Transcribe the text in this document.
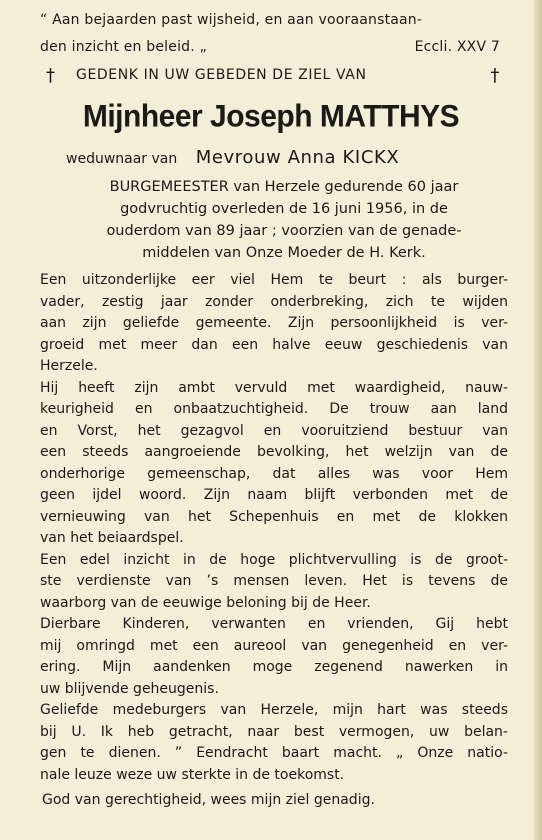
“ Aan bejaarden past wijsheid, en aan vooraanstaan-
den inzicht en beleid. „	Eccli. XXV 7
† GEDENK IN UW GEBEDEN DE ZIEL VAN	†
Mijnheer Joseph MATTHYS
weduwnaar van Mevrouw Anna KICKX
BURGEMEESTER van Herzele gedurende 60 jaar
godvruchtig overleden de 16 juni 1956, in de
ouderdom van 89 jaar ; voorzien van de genade-
middelen van Onze Moeder de H. Kerk.
Een uitzonderlijke eer viel Hem te beurt : als burger-
vader, zestig jaar zonder onderbreking, zich te wijden
aan zijn geliefde gemeente. Zijn persoonlijkheid is ver-
groeid met meer dan een halve eeuw geschiedenis van
Herzele.
Hij heeft zijn ambt vervuld met waardigheid, nauw-
keurigheid en onbaatzuchtigheid. De trouw aan land
en Vorst, het gezagvol en vooruitziend bestuur van
een steeds aangroeiende bevolking, het welzijn van de
onderhorige gemeenschap, dat alles was voor Hem
geen ijdel woord. Zijn naam blijft verbonden met de
vernieuwing van het Schepenhuis en met de klokken
van het beiaardspel.
Een edel inzicht in de hoge plichtvervulling is de groot-
ste verdienste van ’s mensen leven. Het is tevens de
waarborg van de eeuwige beloning bij de Heer.
Dierbare Kinderen, verwanten en vrienden, Gij hebt
mij omringd met een aureool van genegenheid en ver-
ering. Mijn aandenken moge zegenend nawerken in
uw blijvende geheugenis.
Geliefde medeburgers van Herzele, mijn hart was steeds
bij U. Ik heb getracht, naar best vermogen, uw belan-
gen te dienen. ” Eendracht baart macht. „ Onze natio-
nale leuze weze uw sterkte in de toekomst.
God van gerechtigheid, wees mijn ziel genadig.
